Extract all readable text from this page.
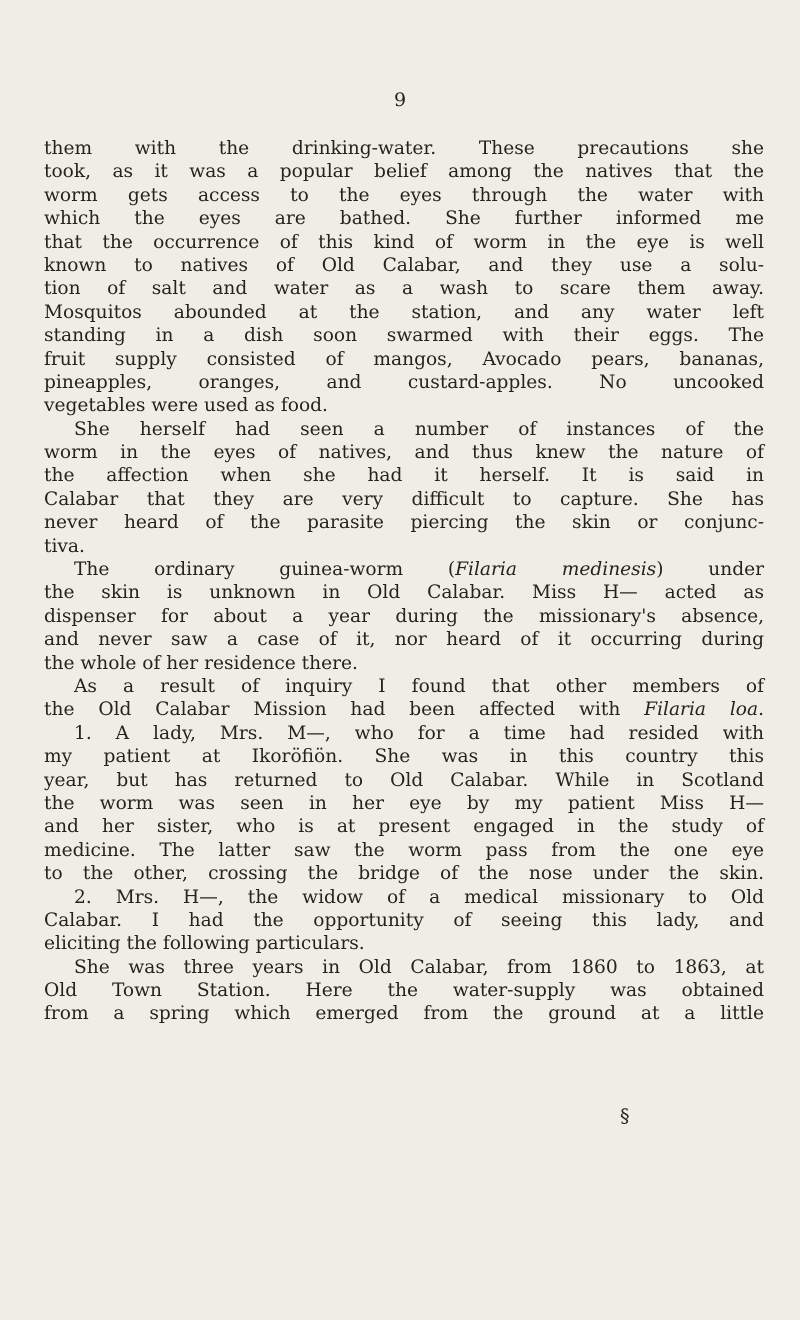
9
them with the drinking-water. These precautions she
took, as it was a popular belief among the natives that the
worm gets access to the eyes through the water with
which the eyes are bathed. She further informed me
that the occurrence of this kind of worm in the eye is well
known to natives of Old Calabar, and they use a solu-
tion of salt and water as a wash to scare them away.
Mosquitos abounded at the station, and any water left
standing in a dish soon swarmed with their eggs. The
fruit supply consisted of mangos, Avocado pears, bananas,
pineapples, oranges, and custard-apples. No uncooked
vegetables were used as food.
She herself had seen a number of instances of the
worm in the eyes of natives, and thus knew the nature of
the affection when she had it herself. It is said in
Calabar that they are very difficult to capture. She has
never heard of the parasite piercing the skin or conjunc-
tiva.
The ordinary guinea-worm (Filaria medinesis) under
the skin is unknown in Old Calabar. Miss H— acted as
dispenser for about a year during the missionary's absence,
and never saw a case of it, nor heard of it occurring during
the whole of her residence there.
As a result of inquiry I found that other members of
the Old Calabar Mission had been affected with Filaria loa.
1. A lady, Mrs. M—, who for a time had resided with
my patient at Ikoröfiön. She was in this country this
year, but has returned to Old Calabar. While in Scotland
the worm was seen in her eye by my patient Miss H—
and her sister, who is at present engaged in the study of
medicine. The latter saw the worm pass from the one eye
to the other, crossing the bridge of the nose under the skin.
2. Mrs. H—, the widow of a medical missionary to Old
Calabar. I had the opportunity of seeing this lady, and
eliciting the following particulars.
She was three years in Old Calabar, from 1860 to 1863, at
Old Town Station. Here the water-supply was obtained
from a spring which emerged from the ground at a little
§
